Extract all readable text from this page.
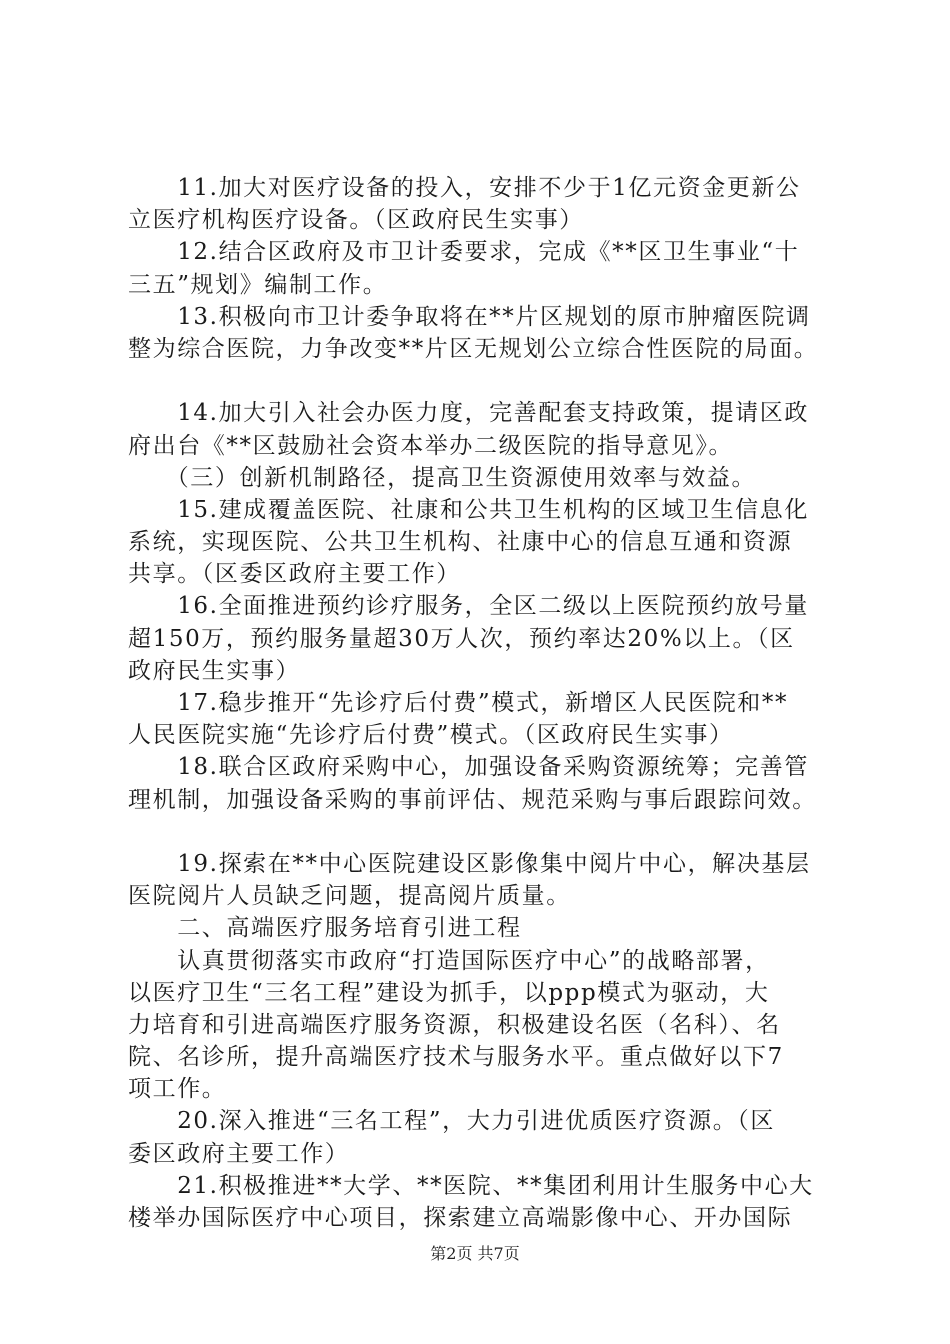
　　11.加大对医疗设备的投入，安排不少于1亿元资金更新公
立医疗机构医疗设备。（区政府民生实事）
　　12.结合区政府及市卫计委要求，完成《**区卫生事业“十
三五”规划》编制工作。
　　13.积极向市卫计委争取将在**片区规划的原市肿瘤医院调
整为综合医院，力争改变**片区无规划公立综合性医院的局面。
　　14.加大引入社会办医力度，完善配套支持政策，提请区政
府出台《**区鼓励社会资本举办二级医院的指导意见》。
　　（三）创新机制路径，提高卫生资源使用效率与效益。
　　15.建成覆盖医院、社康和公共卫生机构的区域卫生信息化
系统，实现医院、公共卫生机构、社康中心的信息互通和资源
共享。（区委区政府主要工作）
　　16.全面推进预约诊疗服务，全区二级以上医院预约放号量
超150万，预约服务量超30万人次，预约率达20%以上。（区
政府民生实事）
　　17.稳步推开“先诊疗后付费”模式，新增区人民医院和**
人民医院实施“先诊疗后付费”模式。（区政府民生实事）
　　18.联合区政府采购中心，加强设备采购资源统筹；完善管
理机制，加强设备采购的事前评估、规范采购与事后跟踪问效。
　　19.探索在**中心医院建设区影像集中阅片中心，解决基层
医院阅片人员缺乏问题，提高阅片质量。
　　二、高端医疗服务培育引进工程
　　认真贯彻落实市政府“打造国际医疗中心”的战略部署，
以医疗卫生“三名工程”建设为抓手，以ppp模式为驱动，大
力培育和引进高端医疗服务资源，积极建设名医（名科）、名
院、名诊所，提升高端医疗技术与服务水平。重点做好以下7
项工作。
　　20.深入推进“三名工程”，大力引进优质医疗资源。（区
委区政府主要工作）
　　21.积极推进**大学、**医院、**集团利用计生服务中心大
楼举办国际医疗中心项目，探索建立高端影像中心、开办国际
第2页 共7页
